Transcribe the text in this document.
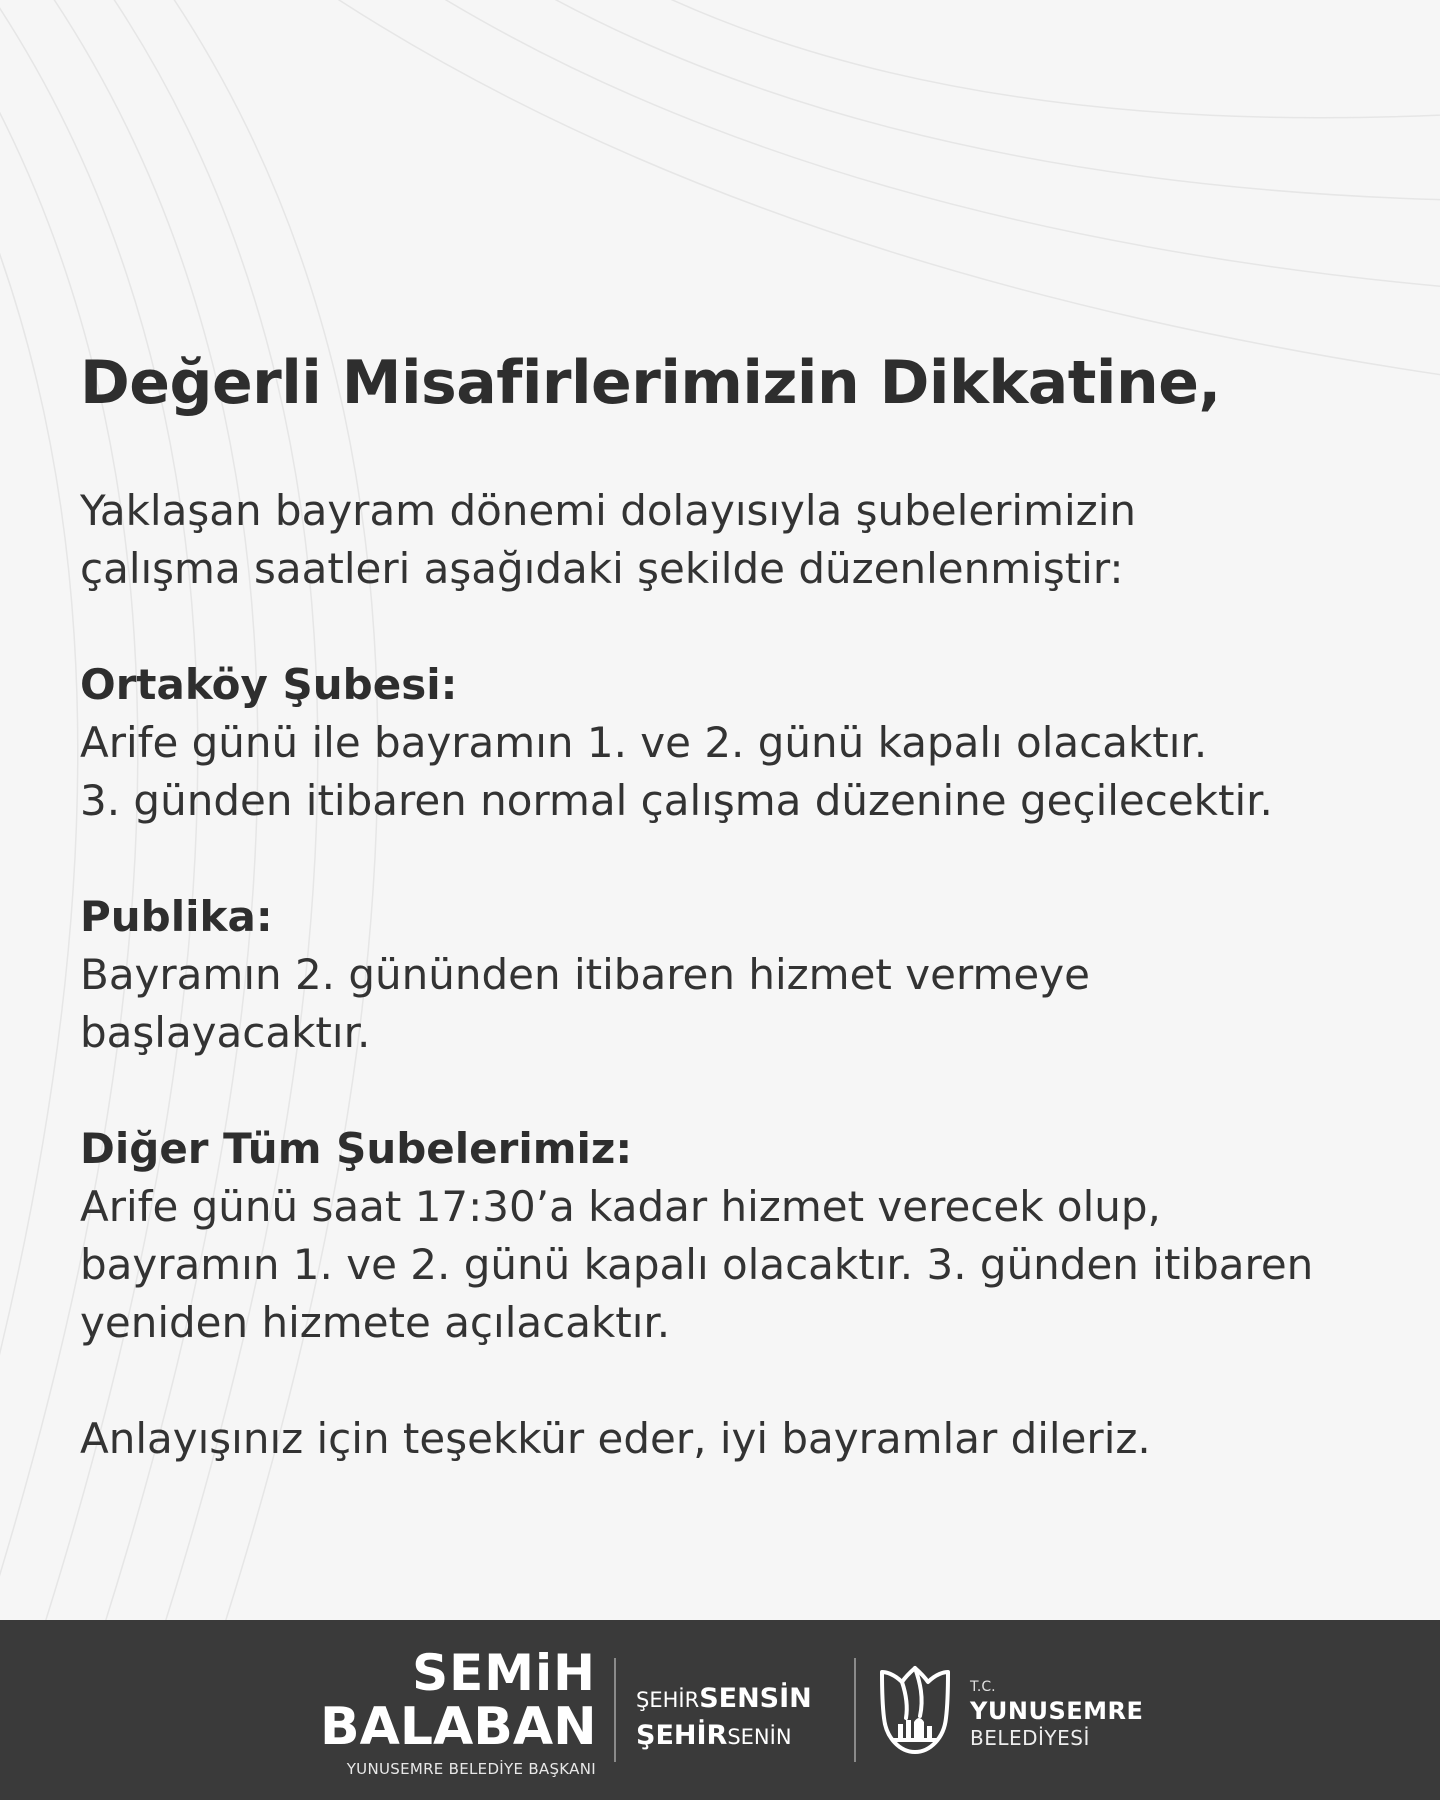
Değerli Misafirlerimizin Dikkatine,
Yaklaşan bayram dönemi dolayısıyla şubelerimizin
çalışma saatleri aşağıdaki şekilde düzenlenmiştir:
Ortaköy Şubesi:
Arife günü ile bayramın 1. ve 2. günü kapalı olacaktır.
3. günden itibaren normal çalışma düzenine geçilecektir.
Publika:
Bayramın 2. gününden itibaren hizmet vermeye
başlayacaktır.
Diğer Tüm Şubelerimiz:
Arife günü saat 17:30’a kadar hizmet verecek olup,
bayramın 1. ve 2. günü kapalı olacaktır. 3. günden itibaren
yeniden hizmete açılacaktır.

Anlayışınız için teşekkür eder, iyi bayramlar dileriz.

SEMiH
BALABAN
YUNUSEMRE BELEDİYE BAŞKANI
ŞEHİRSENSİN
ŞEHİRSENİN
T.C.
YUNUSEMRE
BELEDİYESİ
